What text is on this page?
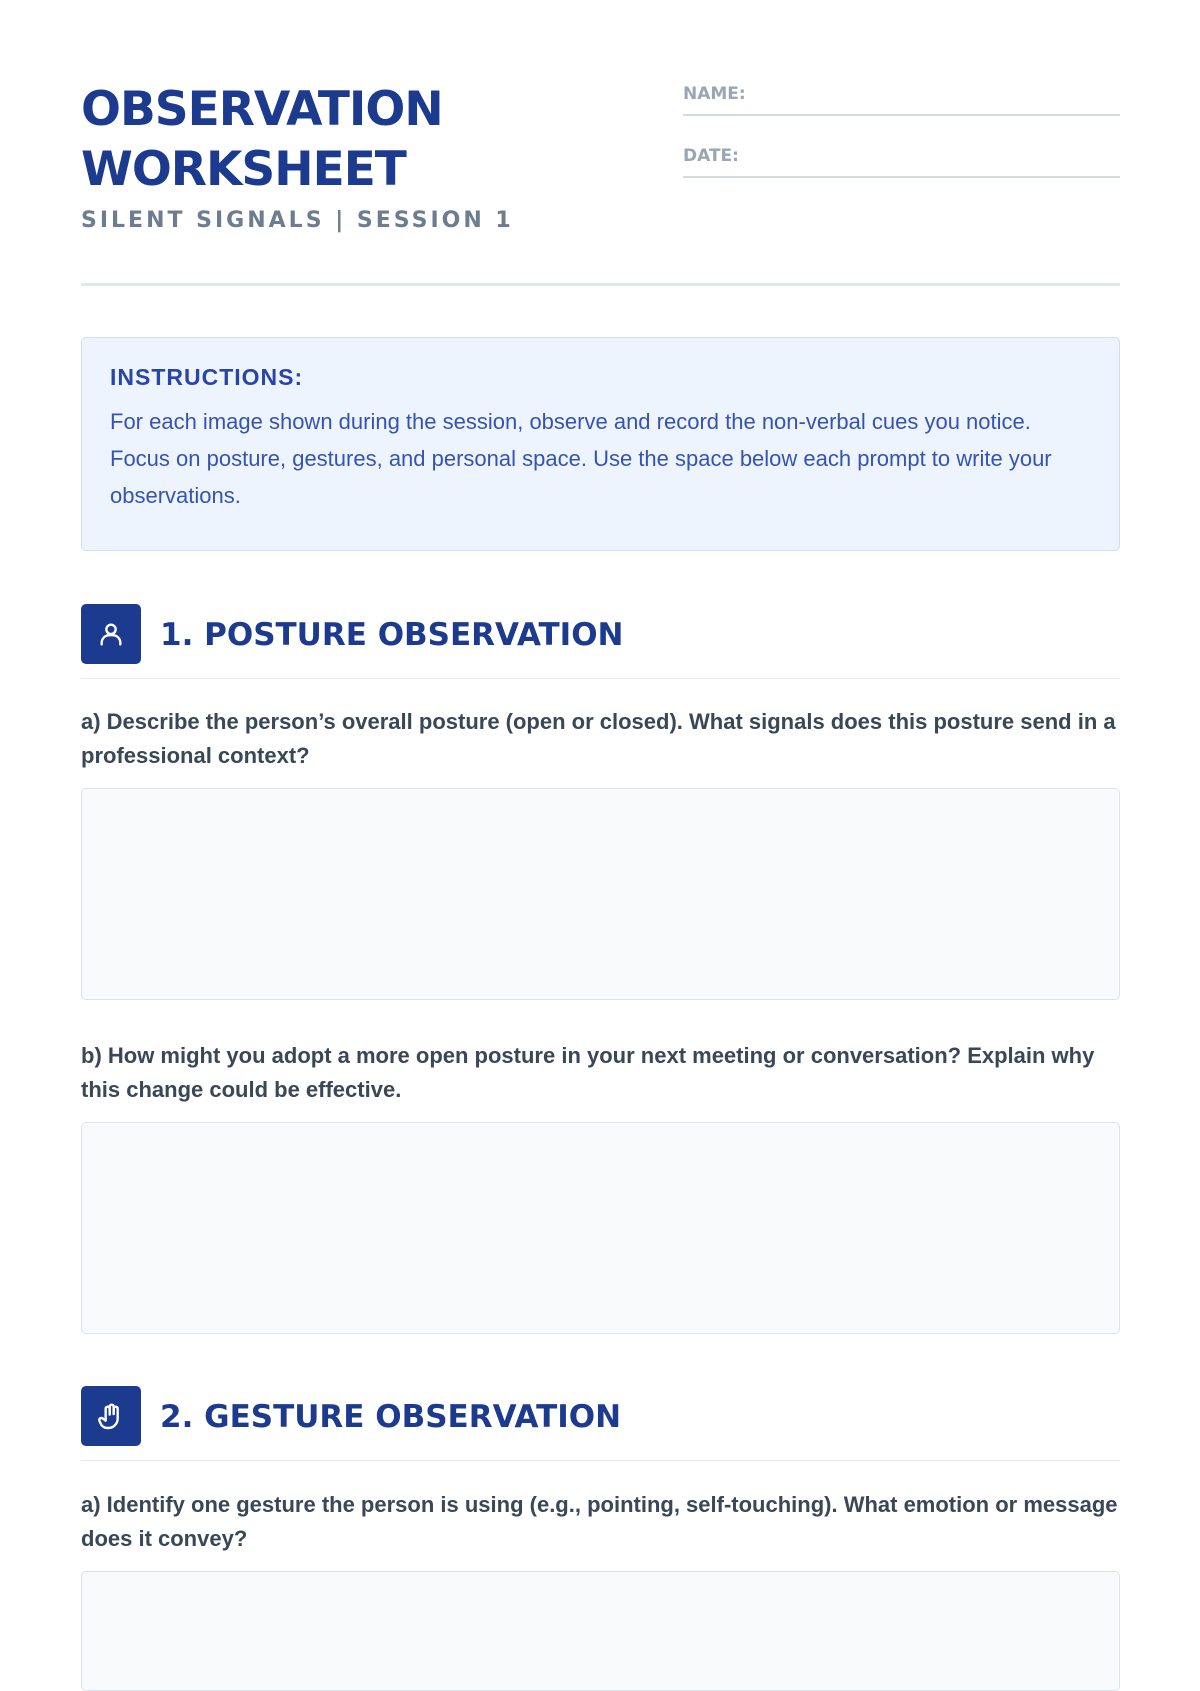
OBSERVATION
WORKSHEET
SILENT SIGNALS | SESSION 1
NAME:
DATE:
INSTRUCTIONS:
For each image shown during the session, observe and record the non-verbal cues you notice. Focus on posture, gestures, and personal space. Use the space below each prompt to write your observations.
1. POSTURE OBSERVATION
a) Describe the person’s overall posture (open or closed). What signals does this posture send in a professional context?
b) How might you adopt a more open posture in your next meeting or conversation? Explain why this change could be effective.
2. GESTURE OBSERVATION
a) Identify one gesture the person is using (e.g., pointing, self-touching). What emotion or message does it convey?
